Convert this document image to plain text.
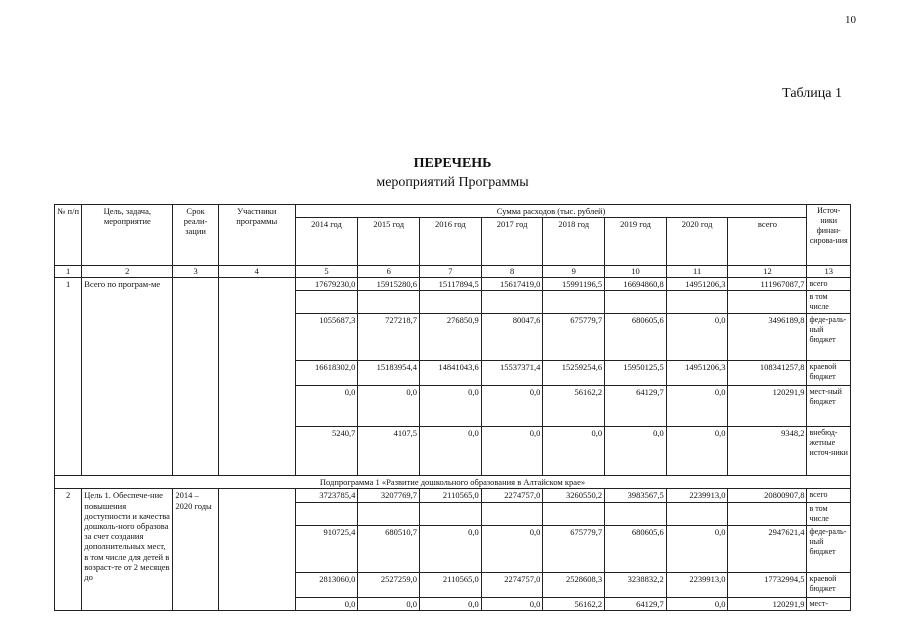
10
Таблица 1
ПЕРЕЧЕНЬ
мероприятий Программы
№ п/п	Цель, задача, мероприятие	Срок реали-зации	Участники программы	Сумма расходов (тыс. рублей)								Источ-ники финан-сирова-ния
				2014 год	2015 год	2016 год	2017 год	2018 год	2019 год	2020 год	всего	
1	2	3	4	5	6	7	8	9	10	11	12	13
1	Всего по програм-ме			17679230,0	15915280,6	15117894,5	15617419,0	15991196,5	16694860,8	14951206,3	111967087,7	всего
												в том числе
				1055687,3	727218,7	276850,9	80047,6	675779,7	680605,6	0,0	3496189,8	феде-раль-ный бюджет
				16618302,0	15183954,4	14841043,6	15537371,4	15259254,6	15950125,5	14951206,3	108341257,8	краевой бюджет
				0,0	0,0	0,0	0,0	56162,2	64129,7	0,0	120291,9	мест-ный бюджет
				5240,7	4107,5	0,0	0,0	0,0	0,0	0,0	9348,2	внебюд-жетные источ-ники
Подпрограмма 1 «Развитие дошкольного образования в Алтайском крае»												
2	Цель 1. Обеспече-ние повышения доступности и качества дошколь-ного образова за счет создания дополнительных мест, в том числе для детей в возраст-те от 2 месяцев до	2014 – 2020 годы		3723785,4	3207769,7	2110565,0	2274757,0	3260550,2	3983567,5	2239913,0	20800907,8	всего
												в том числе
				910725,4	680510,7	0,0	0,0	675779,7	680605,6	0,0	2947621,4	феде-раль-ный бюджет
				2813060,0	2527259,0	2110565,0	2274757,0	2528608,3	3238832,2	2239913,0	17732994,5	краевой бюджет
				0,0	0,0	0,0	0,0	56162,2	64129,7	0,0	120291,9	мест-
